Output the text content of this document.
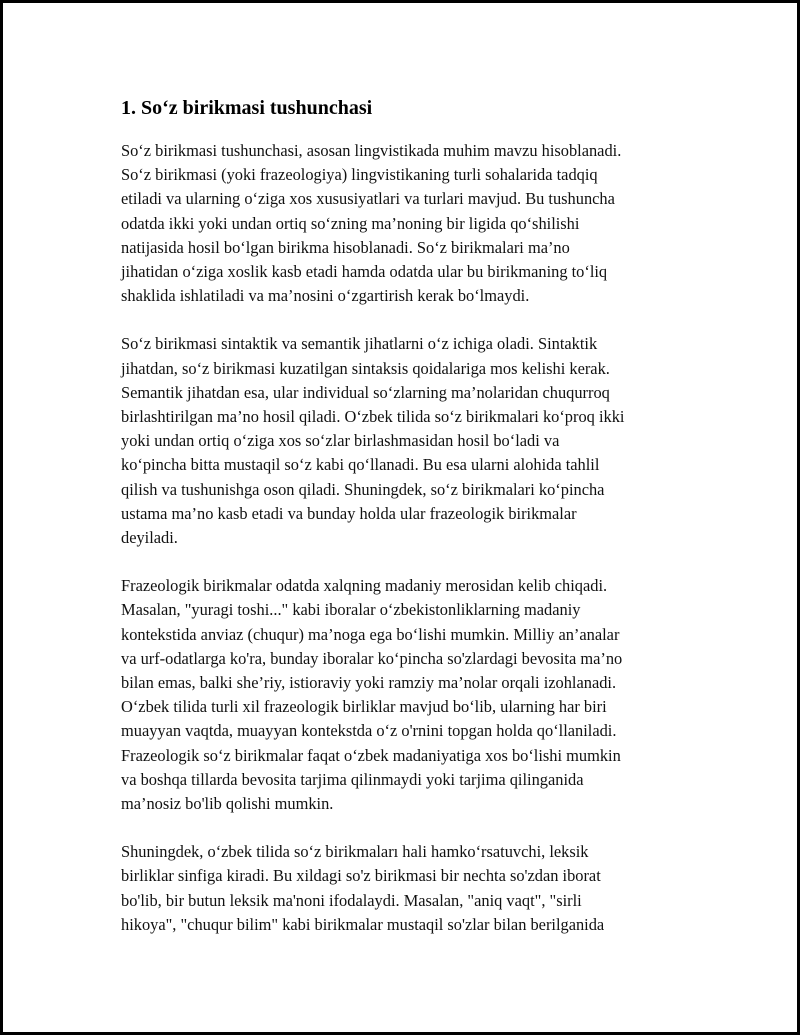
1. So‘z birikmasi tushunchasi

So‘z birikmasi tushunchasi, asosan lingvistikada muhim mavzu hisoblanadi.
So‘z birikmasi (yoki frazeologiya) lingvistikaning turli sohalarida tadqiq
etiladi va ularning o‘ziga xos xususiyatlari va turlari mavjud. Bu tushuncha
odatda ikki yoki undan ortiq so‘zning ma’noning bir ligida qo‘shilishi
natijasida hosil bo‘lgan birikma hisoblanadi. So‘z birikmalari ma’no
jihatidan o‘ziga xoslik kasb etadi hamda odatda ular bu birikmaning to‘liq
shaklida ishlatiladi va ma’nosini o‘zgartirish kerak bo‘lmaydi.

So‘z birikmasi sintaktik va semantik jihatlarni o‘z ichiga oladi. Sintaktik
jihatdan, so‘z birikmasi kuzatilgan sintaksis qoidalariga mos kelishi kerak.
Semantik jihatdan esa, ular individual so‘zlarning ma’nolaridan chuqurroq
birlashtirilgan ma’no hosil qiladi. O‘zbek tilida so‘z birikmalari ko‘proq ikki
yoki undan ortiq o‘ziga xos so‘zlar birlashmasidan hosil bo‘ladi va
ko‘pincha bitta mustaqil so‘z kabi qo‘llanadi. Bu esa ularni alohida tahlil
qilish va tushunishga oson qiladi. Shuningdek, so‘z birikmalari ko‘pincha
ustama ma’no kasb etadi va bunday holda ular frazeologik birikmalar
deyiladi.

Frazeologik birikmalar odatda xalqning madaniy merosidan kelib chiqadi.
Masalan, "yuragi toshi..." kabi iboralar o‘zbekistonliklarning madaniy
kontekstida anviaz (chuqur) ma’noga ega bo‘lishi mumkin. Milliy an’analar
va urf-odatlarga ko'ra, bunday iboralar ko‘pincha so'zlardagi bevosita ma’no
bilan emas, balki she’riy, istioraviy yoki ramziy ma’nolar orqali izohlanadi.
O‘zbek tilida turli xil frazeologik birliklar mavjud bo‘lib, ularning har biri
muayyan vaqtda, muayyan kontekstda o‘z o'rnini topgan holda qo‘llaniladi.
Frazeologik so‘z birikmalar faqat o‘zbek madaniyatiga xos bo‘lishi mumkin
va boshqa tillarda bevosita tarjima qilinmaydi yoki tarjima qilinganida
ma’nosiz bo'lib qolishi mumkin.

Shuningdek, o‘zbek tilida so‘z birikmaları hali hamko‘rsatuvchi, leksik
birliklar sinfiga kiradi. Bu xildagi so'z birikmasi bir nechta so'zdan iborat
bo'lib, bir butun leksik ma'noni ifodalaydi. Masalan, "aniq vaqt", "sirli
hikoya", "chuqur bilim" kabi birikmalar mustaqil so'zlar bilan berilganida
